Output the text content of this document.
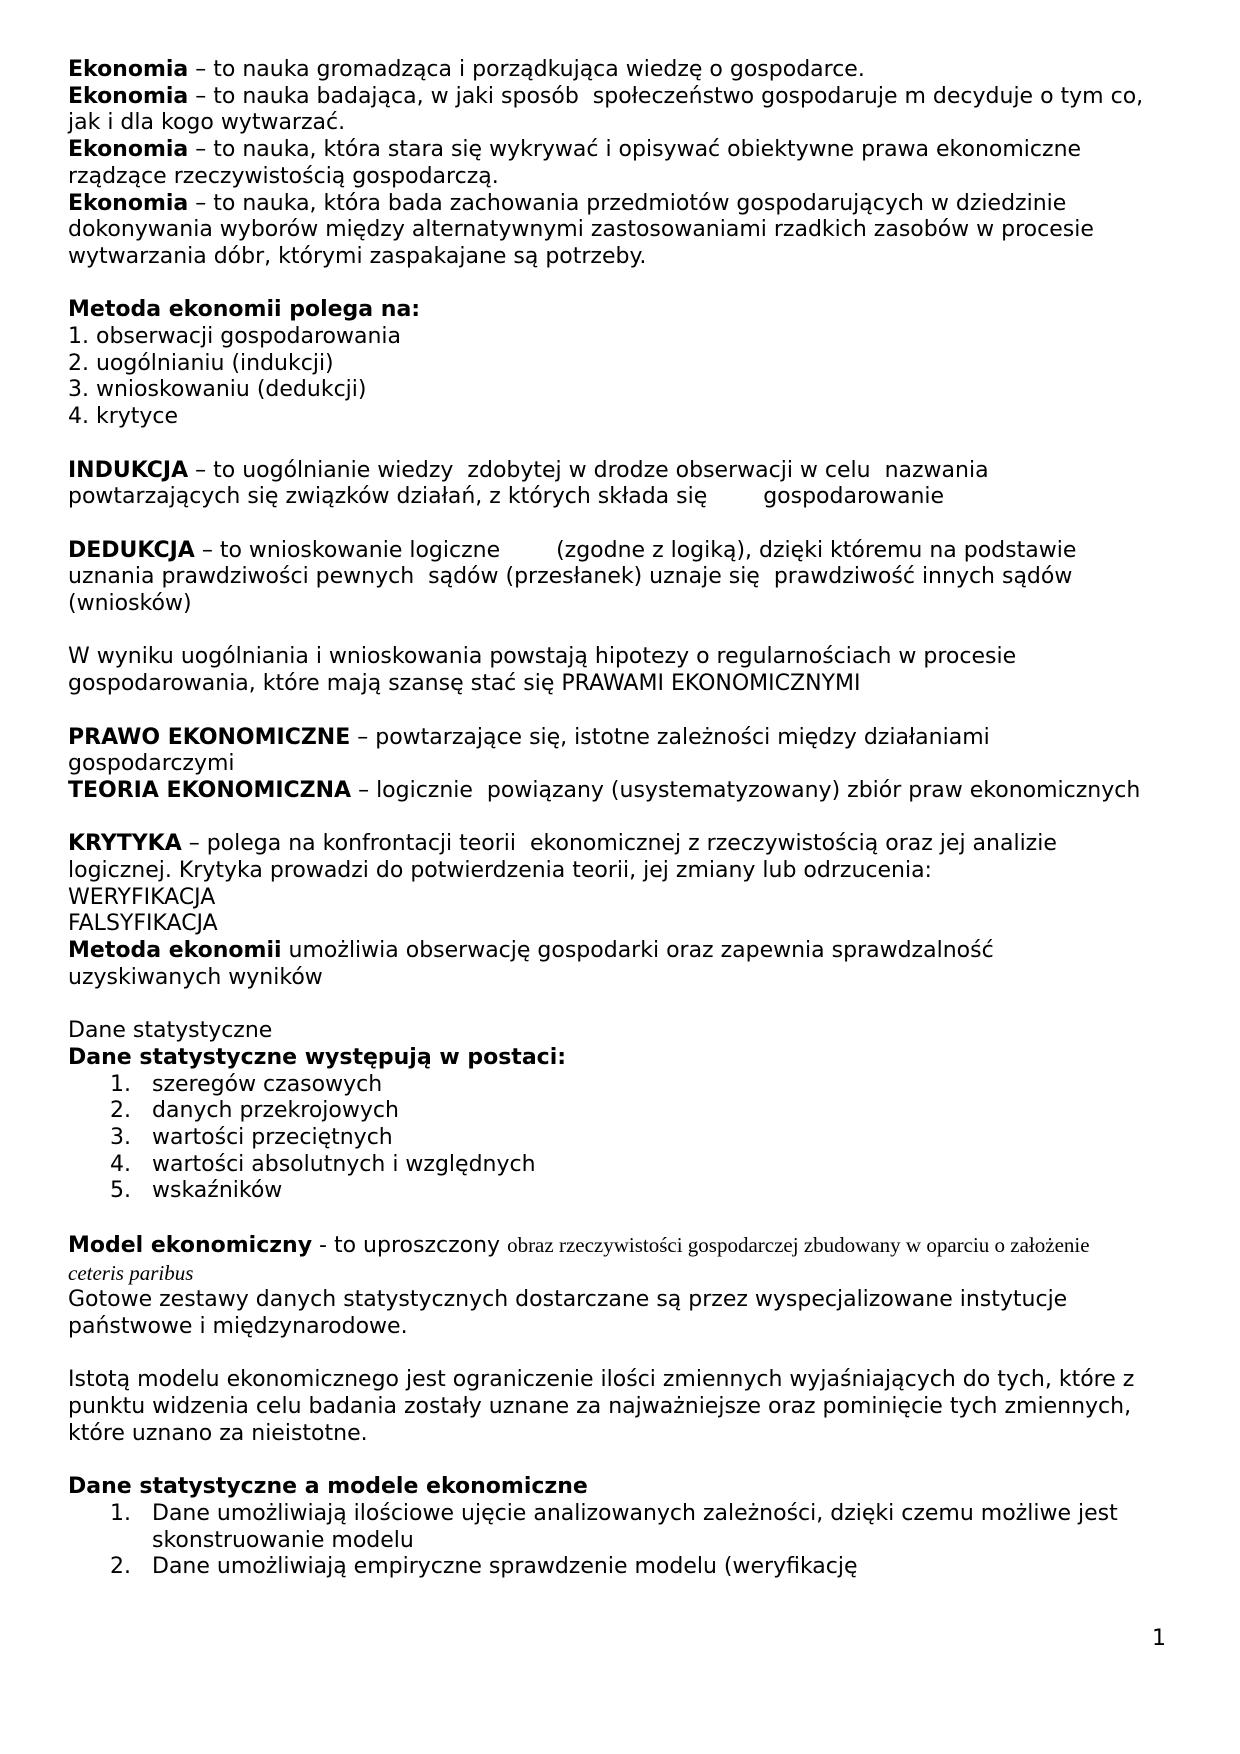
Ekonomia – to nauka gromadząca i porządkująca wiedzę o gospodarce.

Ekonomia – to nauka badająca, w jaki sposób  społeczeństwo gospodaruje m decyduje o tym co, jak i dla kogo wytwarzać.

Ekonomia – to nauka, która stara się wykrywać i opisywać obiektywne prawa ekonomiczne rządzące rzeczywistością gospodarczą.

Ekonomia – to nauka, która bada zachowania przedmiotów gospodarujących w dziedzinie dokonywania wyborów między alternatywnymi zastosowaniami rzadkich zasobów w procesie wytwarzania dóbr, którymi zaspakajane są potrzeby.

Metoda ekonomii polega na:

1. obserwacji gospodarowania

2. uogólnianiu (indukcji)

3. wnioskowaniu (dedukcji)

4. krytyce

INDUKCJA – to uogólnianie wiedzy  zdobytej w drodze obserwacji w celu  nazwania powtarzających się związków działań, z których składa się        gospodarowanie

DEDUKCJA – to wnioskowanie logiczne        (zgodne z logiką), dzięki któremu na podstawie uznania prawdziwości pewnych  sądów (przesłanek) uznaje się  prawdziwość innych sądów (wniosków)

W wyniku uogólniania i wnioskowania powstają hipotezy o regularnościach w procesie gospodarowania, które mają szansę stać się PRAWAMI EKONOMICZNYMI

PRAWO EKONOMICZNE – powtarzające się, istotne zależności między działaniami gospodarczymi

TEORIA EKONOMICZNA – logicznie  powiązany (usystematyzowany) zbiór praw ekonomicznych

KRYTYKA – polega na konfrontacji teorii  ekonomicznej z rzeczywistością oraz jej analizie logicznej. Krytyka prowadzi do potwierdzenia teorii, jej zmiany lub odrzucenia:

WERYFIKACJA

FALSYFIKACJA

Metoda ekonomii umożliwia obserwację gospodarki oraz zapewnia sprawdzalność uzyskiwanych wyników

Dane statystyczne

Dane statystyczne występują w postaci:

1. szeregów czasowych
2. danych przekrojowych
3. wartości przeciętnych
4. wartości absolutnych i względnych
5. wskaźników

Model ekonomiczny - to uproszczony obraz rzeczywistości gospodarczej zbudowany w oparciu o założenie ceteris paribus

Gotowe zestawy danych statystycznych dostarczane są przez wyspecjalizowane instytucje państwowe i międzynarodowe.

Istotą modelu ekonomicznego jest ograniczenie ilości zmiennych wyjaśniających do tych, które z punktu widzenia celu badania zostały uznane za najważniejsze oraz pominięcie tych zmiennych, które uznano za nieistotne.

Dane statystyczne a modele ekonomiczne

1. Dane umożliwiają ilościowe ujęcie analizowanych zależności, dzięki czemu możliwe jest skonstruowanie modelu
2. Dane umożliwiają empiryczne sprawdzenie modelu (weryfikację
1
